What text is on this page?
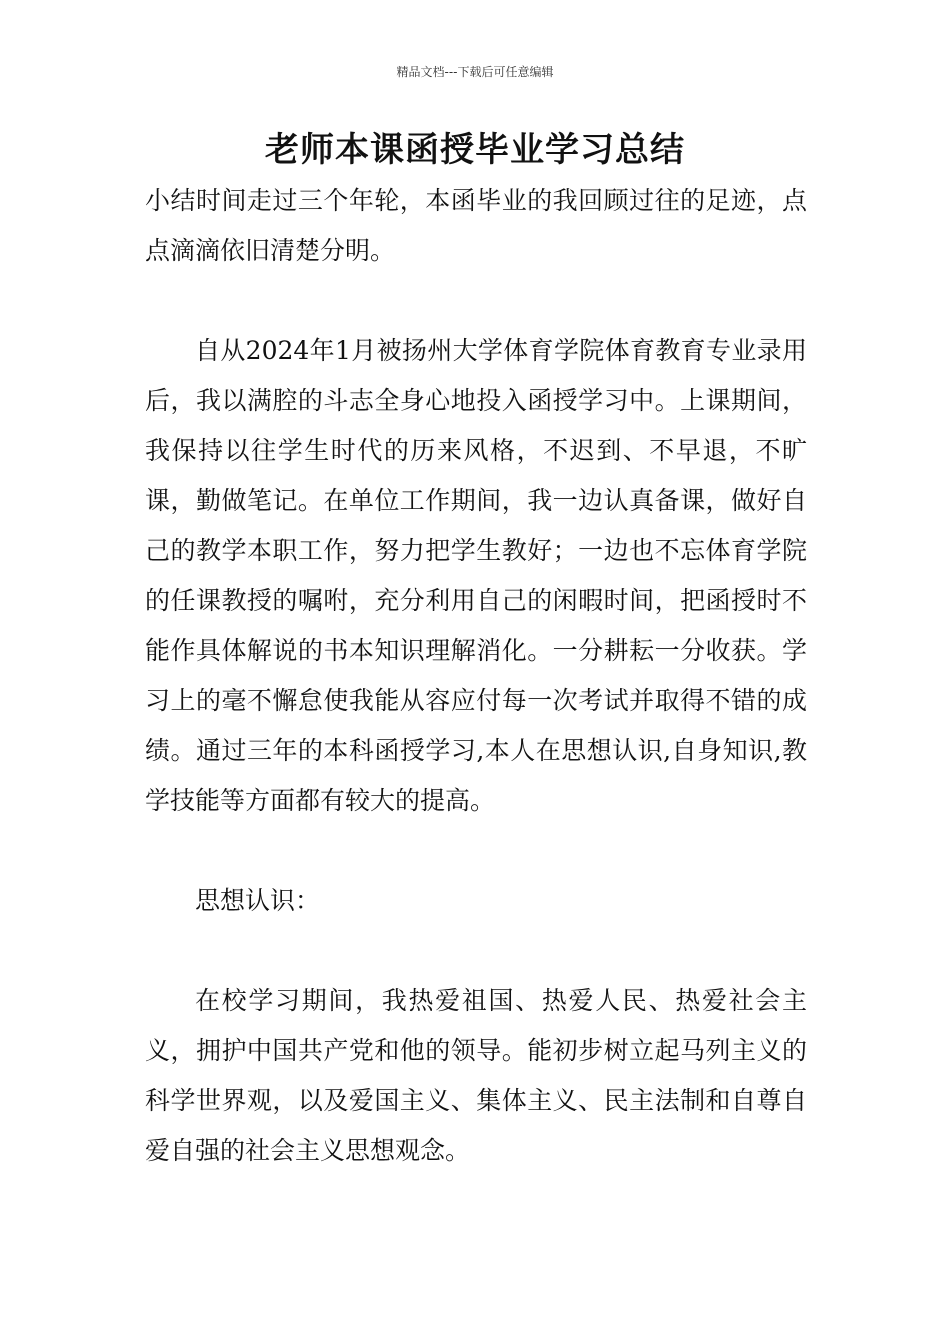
精品文档---下载后可任意编辑
老师本课函授毕业学习总结

小结时间走过三个年轮，本函毕业的我回顾过往的足迹，点点滴滴依旧清楚分明。

自从2024年1月被扬州大学体育学院体育教育专业录用后，我以满腔的斗志全身心地投入函授学习中。上课期间，我保持以往学生时代的历来风格，不迟到、不早退，不旷课，勤做笔记。在单位工作期间，我一边认真备课，做好自己的教学本职工作，努力把学生教好；一边也不忘体育学院的任课教授的嘱咐，充分利用自己的闲暇时间，把函授时不能作具体解说的书本知识理解消化。一分耕耘一分收获。学习上的毫不懈怠使我能从容应付每一次考试并取得不错的成绩。通过三年的本科函授学习,本人在思想认识,自身知识,教学技能等方面都有较大的提高。

思想认识：

在校学习期间，我热爱祖国、热爱人民、热爱社会主义，拥护中国共产党和他的领导。能初步树立起马列主义的科学世界观，以及爱国主义、集体主义、民主法制和自尊自爱自强的社会主义思想观念。
